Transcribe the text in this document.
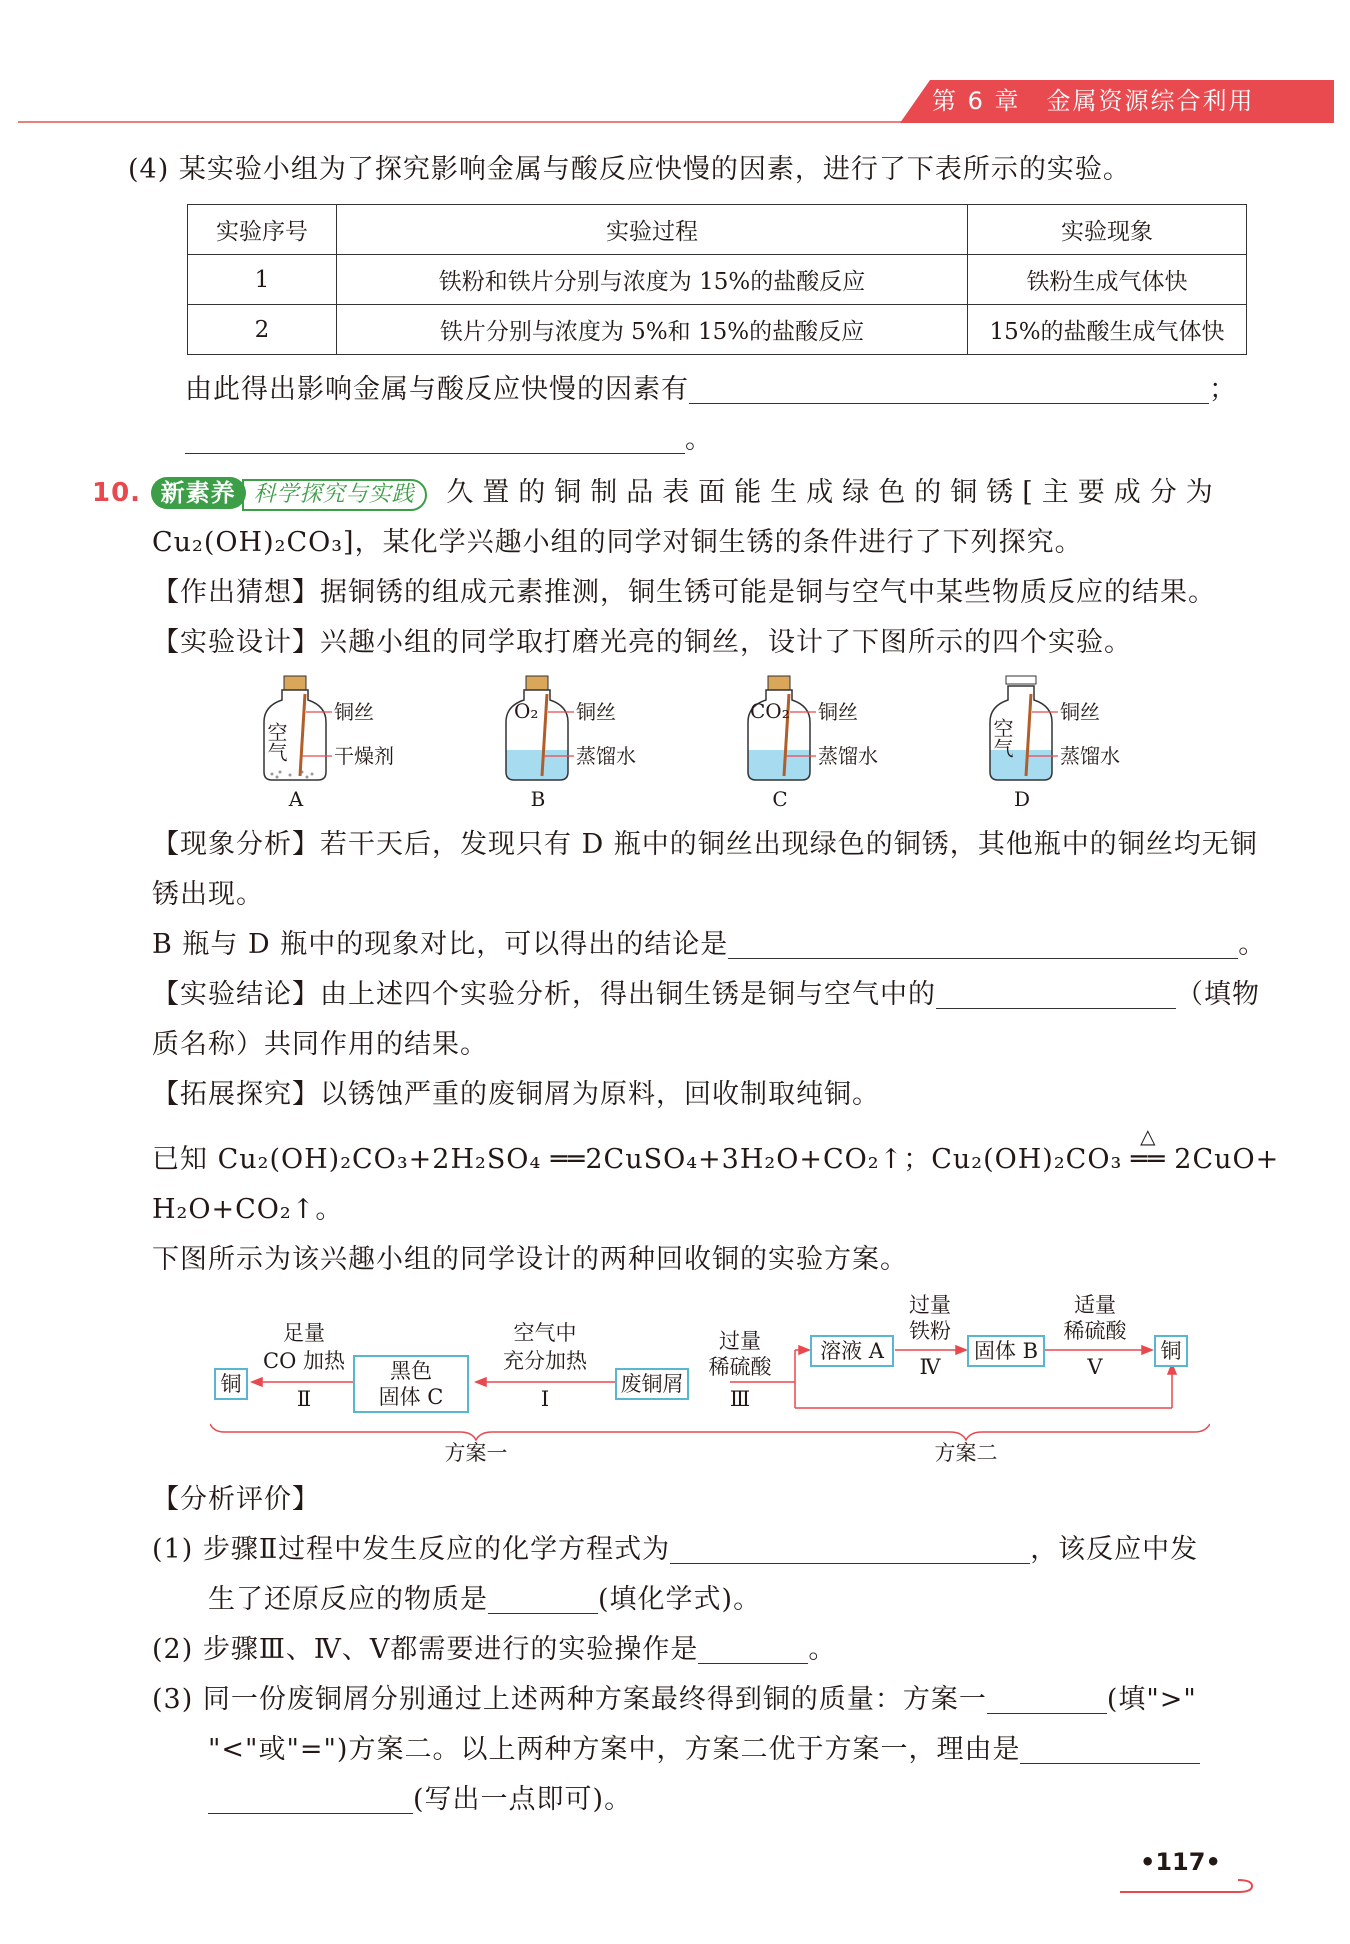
第 6 章　金属资源综合利用
(4) 某实验小组为了探究影响金属与酸反应快慢的因素，进行了下表所示的实验。
实验序号	实验过程	实验现象
1	铁粉和铁片分别与浓度为 15%的盐酸反应	铁粉生成气体快
2	铁片分别与浓度为 5%和 15%的盐酸反应	15%的盐酸生成气体快
由此得出影响金属与酸反应快慢的因素有	；
。
10. 新素养 科学探究与实践 久置的铜制品表面能生成绿色的铜锈[主要成分为
Cu₂(OH)₂CO₃]，某化学兴趣小组的同学对铜生锈的条件进行了下列探究。
【作出猜想】据铜锈的组成元素推测，铜生锈可能是铜与空气中某些物质反应的结果。
【实验设计】兴趣小组的同学取打磨光亮的铜丝，设计了下图所示的四个实验。
空气
铜丝
干燥剂
A
O₂ 铜丝
蒸馏水
B
CO₂ 铜丝
蒸馏水
C
空气
铜丝
蒸馏水
D
【现象分析】若干天后，发现只有 D 瓶中的铜丝出现绿色的铜锈，其他瓶中的铜丝均无铜
锈出现。
B 瓶与 D 瓶中的现象对比，可以得出的结论是	。
【实验结论】由上述四个实验分析，得出铜生锈是铜与空气中的	（填物
质名称）共同作用的结果。
【拓展探究】以锈蚀严重的废铜屑为原料，回收制取纯铜。
已知 Cu₂(OH)₂CO₃+2H₂SO₄ ══2CuSO₄+3H₂O+CO₂↑；Cu₂(OH)₂CO₃
△
══ 2CuO+
H₂O+CO₂↑。
下图所示为该兴趣小组的同学设计的两种回收铜的实验方案。
铜
足量
CO 加热
Ⅱ
黑色
固体 C
空气中
充分加热
Ⅰ
废铜屑
过量
稀硫酸
Ⅲ
溶液 A
过量
铁粉
Ⅳ
固体 B
适量
稀硫酸
Ⅴ
铜
方案一	方案二
【分析评价】
(1) 步骤Ⅱ过程中发生反应的化学方程式为	，该反应中发
生了还原反应的物质是	(填化学式)。
(2) 步骤Ⅲ、Ⅳ、Ⅴ都需要进行的实验操作是	。
(3) 同一份废铜屑分别通过上述两种方案最终得到铜的质量：方案一	(填">"
"<"或"=")方案二。以上两种方案中，方案二优于方案一，理由是
(写出一点即可)。
•117•
